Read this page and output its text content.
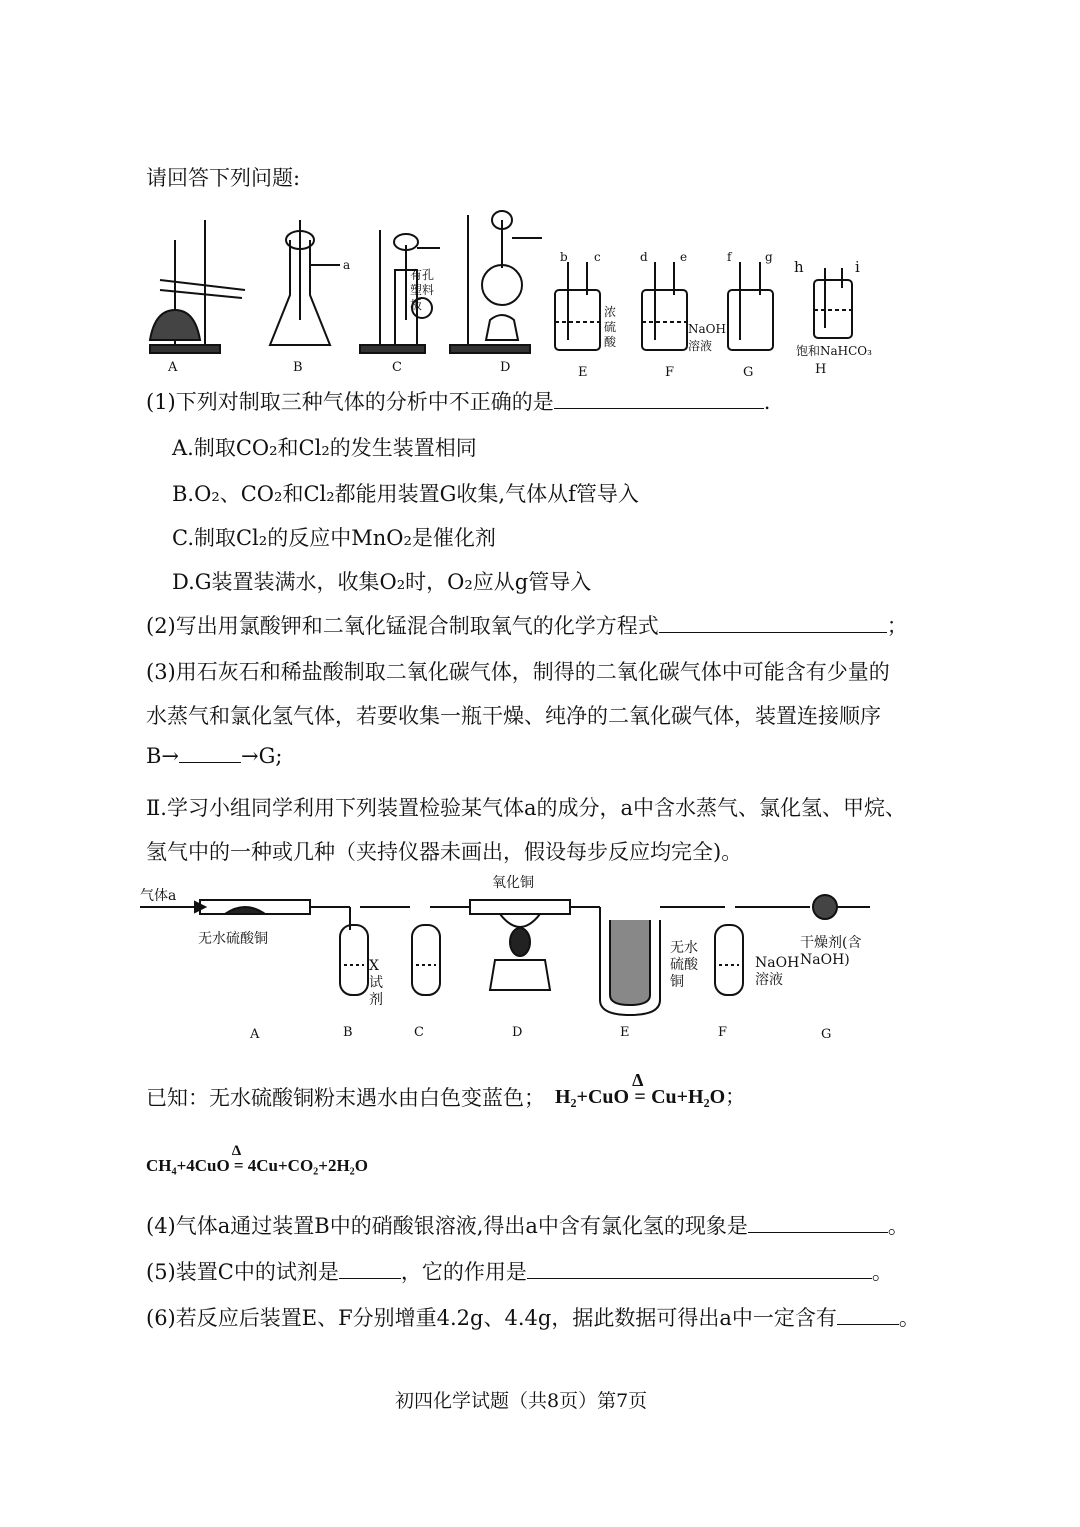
请回答下列问题:
A	B	C	D	E	F	G	H
a
b c	d	e	f	g
h	i
有孔塑料板	浓硫酸
NaOH
溶液	饱和NaHCO₃
(1)下列对制取三种气体的分析中不正确的是	.
A.制取CO₂和Cl₂的发生装置相同
B.O₂、CO₂和Cl₂都能用装置G收集,气体从f管导入
C.制取Cl₂的反应中MnO₂是催化剂
D.G装置装满水，收集O₂时，O₂应从g管导入
(2)写出用氯酸钾和二氧化锰混合制取氧气的化学方程式	；
(3)用石灰石和稀盐酸制取二氧化碳气体，制得的二氧化碳气体中可能含有少量的
水蒸气和氯化氢气体，若要收集一瓶干燥、纯净的二氧化碳气体，装置连接顺序
B→	→G;
Ⅱ.学习小组同学利用下列装置检验某气体a的成分，a中含水蒸气、氯化氢、甲烷、
氢气中的一种或几种（夹持仪器未画出，假设每步反应均完全)。
气体a
无水硫酸铜
X试剂
氧化铜
无水硫酸铜
NaOH溶液
干燥剂(含NaOH)
A	B	C	D	E	F	G
已知：无水硫酸铜粉末遇水由白色变蓝色； H₂+CuO
Δ
= Cu+H₂O；
CH₄+4CuO
Δ
= 4Cu+CO₂+2H₂O
(4)气体a通过装置B中的硝酸银溶液,得出a中含有氯化氢的现象是	。
(5)装置C中的试剂是	，它的作用是	。
(6)若反应后装置E、F分别增重4.2g、4.4g，据此数据可得出a中一定含有	。
初四化学试题（共8页）第7页
